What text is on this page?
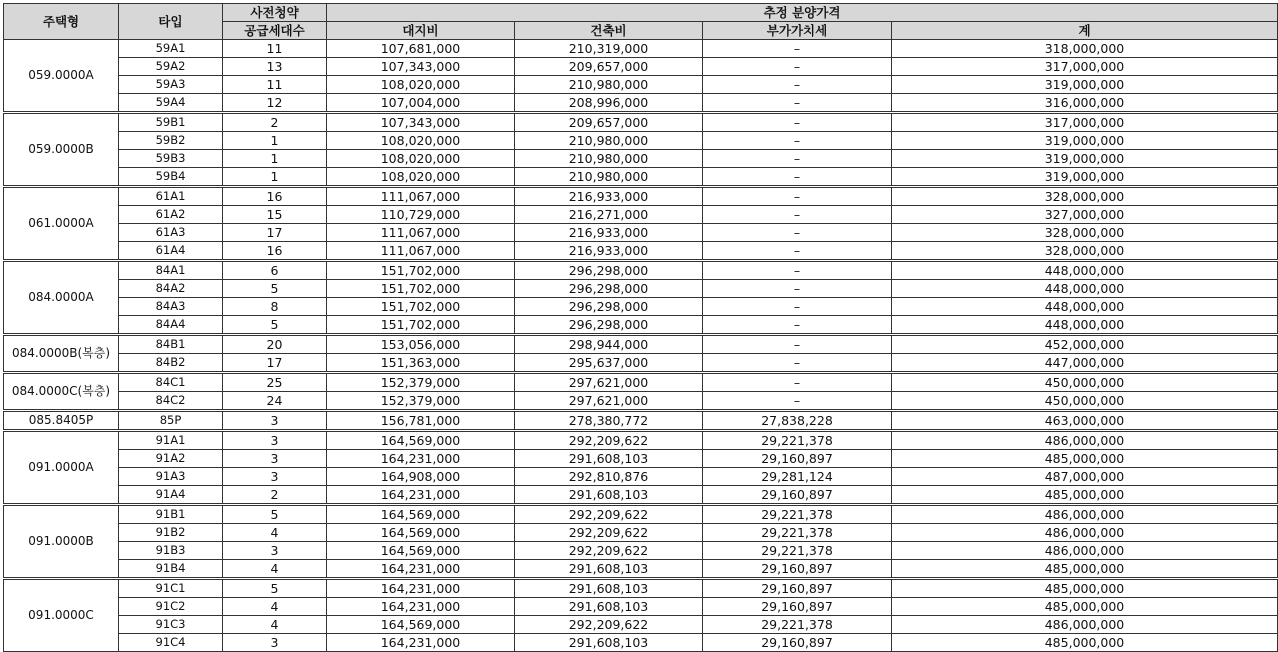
주택형	타입	사전청약	추정 분양가격			
		공급세대수	대지비	건축비	부가가치세	계
059.0000A	59A1	11	107,681,000	210,319,000	–	318,000,000
	59A2	13	107,343,000	209,657,000	–	317,000,000
	59A3	11	108,020,000	210,980,000	–	319,000,000
	59A4	12	107,004,000	208,996,000	–	316,000,000
059.0000B	59B1	2	107,343,000	209,657,000	–	317,000,000
	59B2	1	108,020,000	210,980,000	–	319,000,000
	59B3	1	108,020,000	210,980,000	–	319,000,000
	59B4	1	108,020,000	210,980,000	–	319,000,000
061.0000A	61A1	16	111,067,000	216,933,000	–	328,000,000
	61A2	15	110,729,000	216,271,000	–	327,000,000
	61A3	17	111,067,000	216,933,000	–	328,000,000
	61A4	16	111,067,000	216,933,000	–	328,000,000
084.0000A	84A1	6	151,702,000	296,298,000	–	448,000,000
	84A2	5	151,702,000	296,298,000	–	448,000,000
	84A3	8	151,702,000	296,298,000	–	448,000,000
	84A4	5	151,702,000	296,298,000	–	448,000,000
084.0000B(복층)	84B1	20	153,056,000	298,944,000	–	452,000,000
	84B2	17	151,363,000	295,637,000	–	447,000,000
084.0000C(복층)	84C1	25	152,379,000	297,621,000	–	450,000,000
	84C2	24	152,379,000	297,621,000	–	450,000,000
085.8405P	85P	3	156,781,000	278,380,772	27,838,228	463,000,000
091.0000A	91A1	3	164,569,000	292,209,622	29,221,378	486,000,000
	91A2	3	164,231,000	291,608,103	29,160,897	485,000,000
	91A3	3	164,908,000	292,810,876	29,281,124	487,000,000
	91A4	2	164,231,000	291,608,103	29,160,897	485,000,000
091.0000B	91B1	5	164,569,000	292,209,622	29,221,378	486,000,000
	91B2	4	164,569,000	292,209,622	29,221,378	486,000,000
	91B3	3	164,569,000	292,209,622	29,221,378	486,000,000
	91B4	4	164,231,000	291,608,103	29,160,897	485,000,000
091.0000C	91C1	5	164,231,000	291,608,103	29,160,897	485,000,000
	91C2	4	164,231,000	291,608,103	29,160,897	485,000,000
	91C3	4	164,569,000	292,209,622	29,221,378	486,000,000
	91C4	3	164,231,000	291,608,103	29,160,897	485,000,000
